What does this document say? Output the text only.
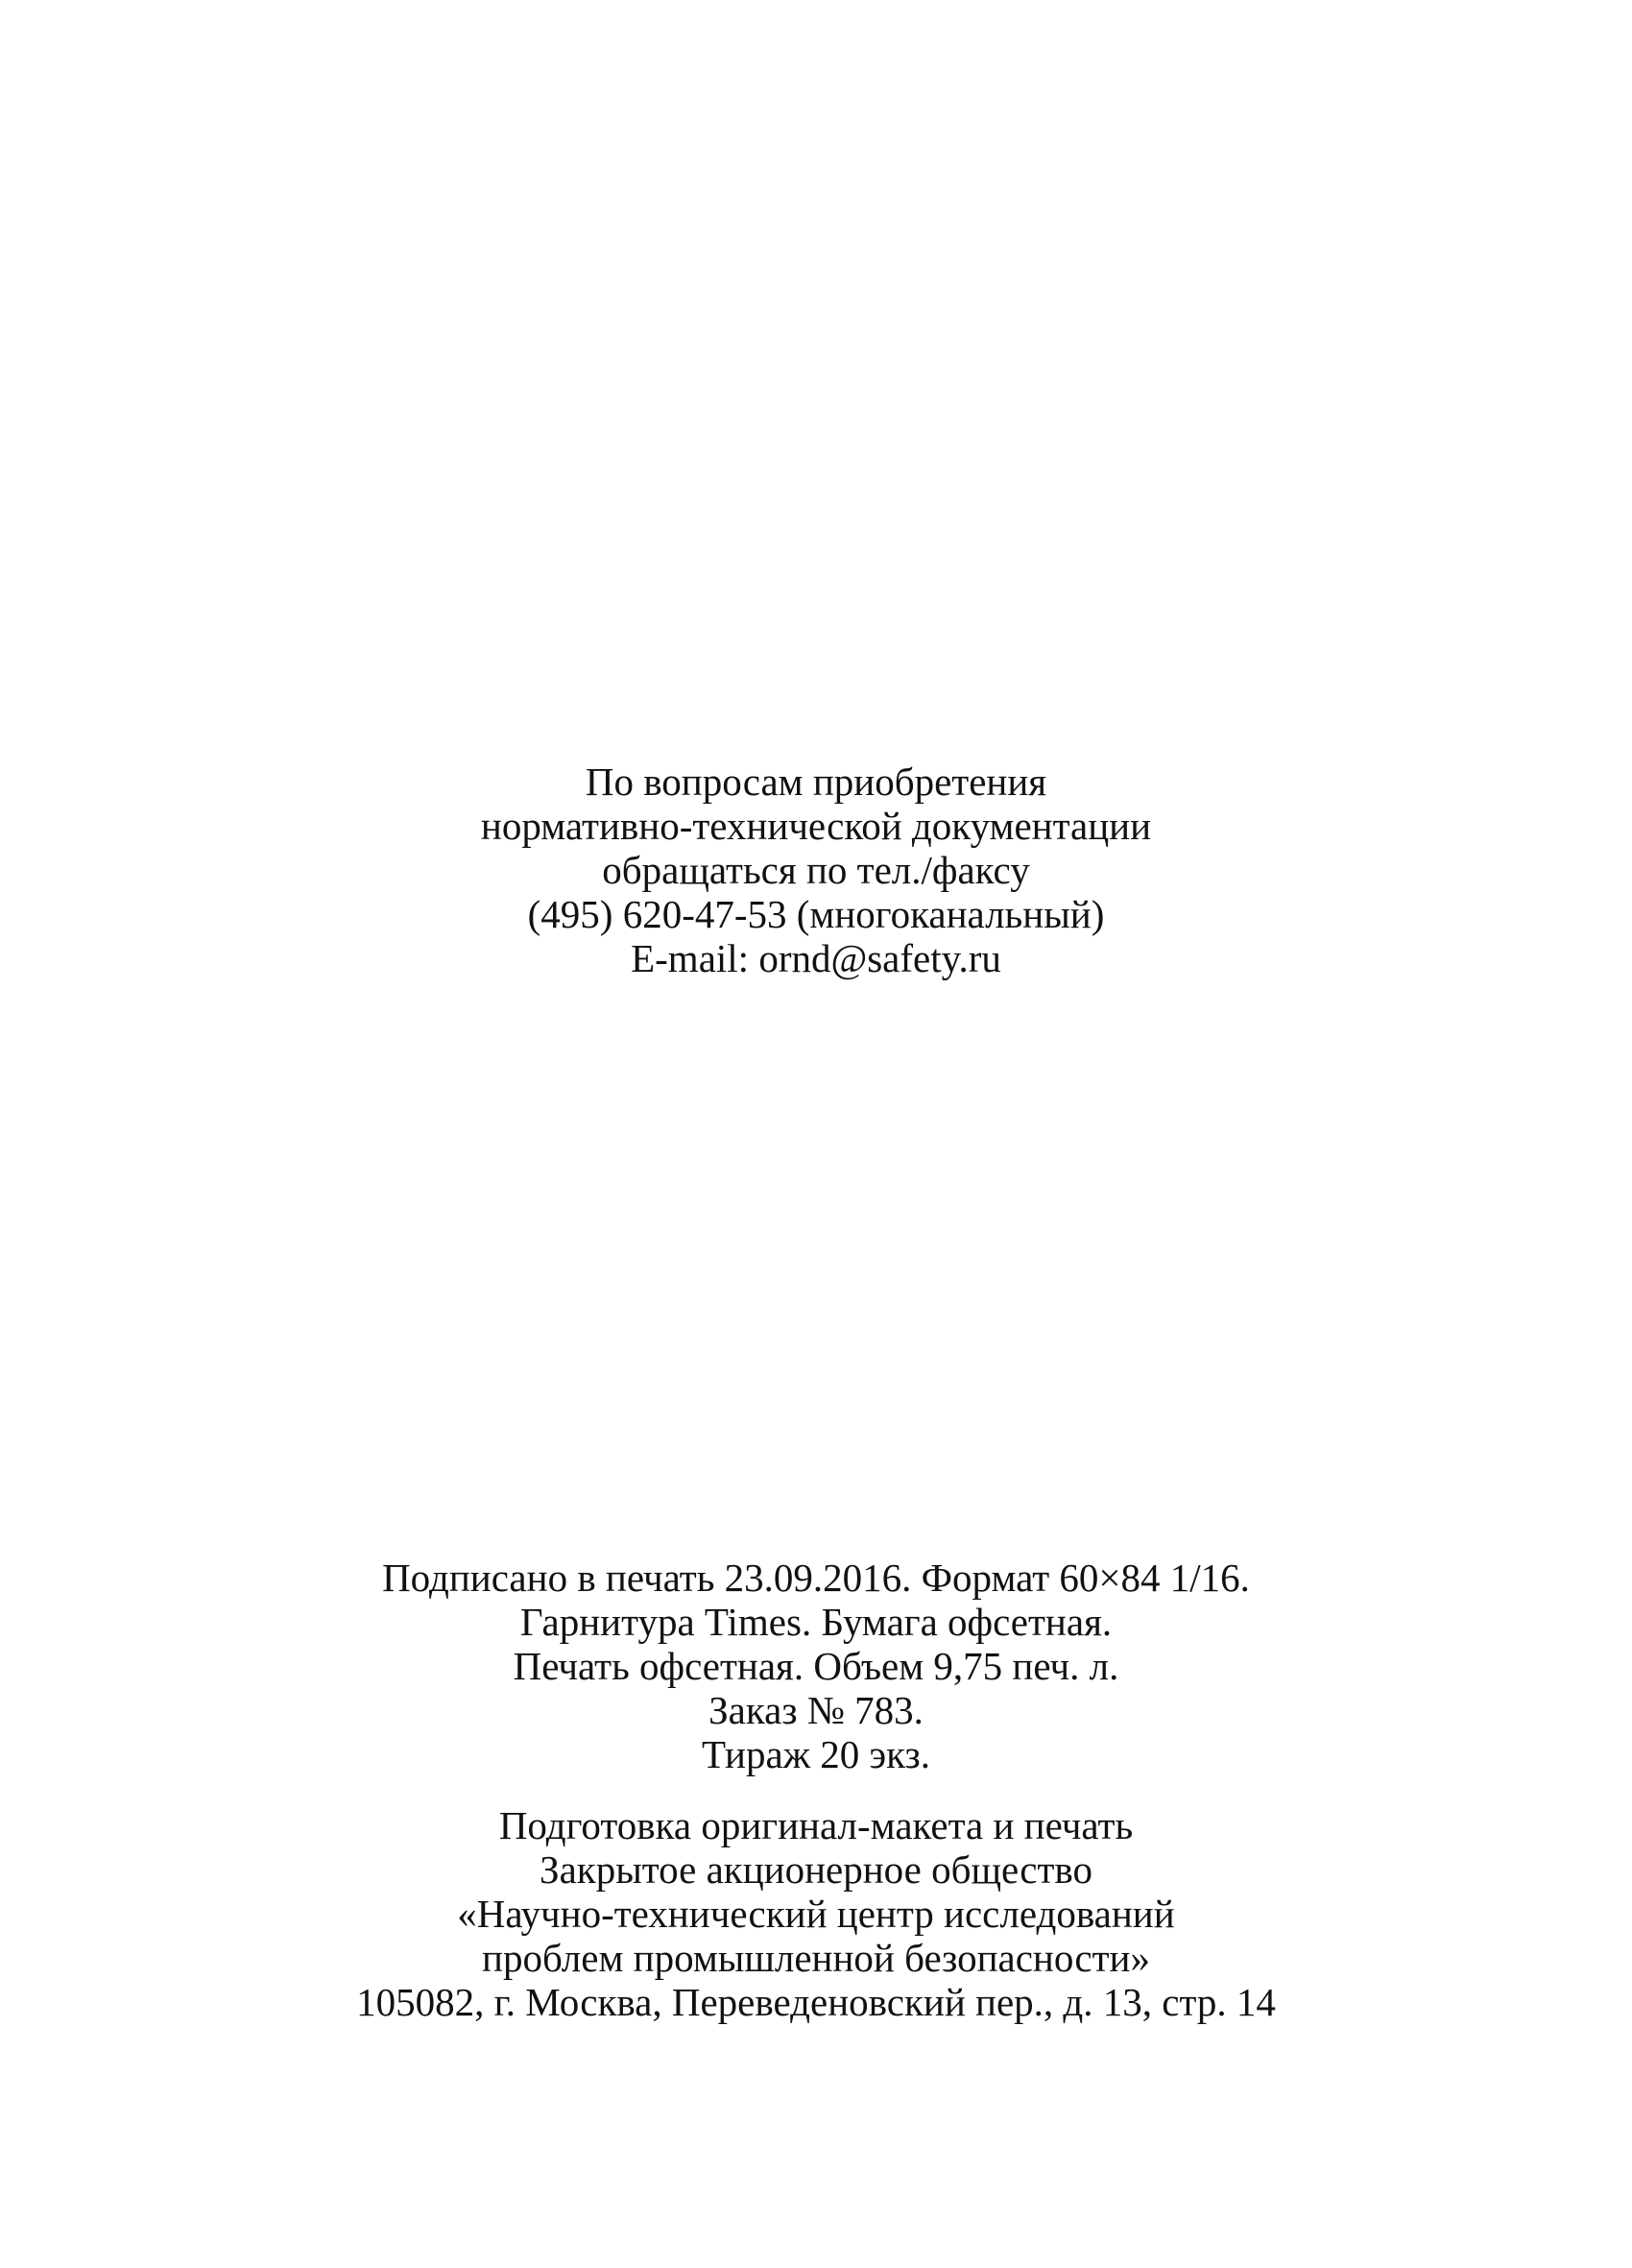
По вопросам приобретения
нормативно-технической документации
обращаться по тел./факсу
(495) 620-47-53 (многоканальный)
E-mail: ornd@safety.ru
Подписано в печать 23.09.2016. Формат 60×84 1/16.
Гарнитура Times. Бумага офсетная.
Печать офсетная. Объем 9,75 печ. л.
Заказ № 783.
Тираж 20 экз.
Подготовка оригинал-макета и печать
Закрытое акционерное общество
«Научно-технический центр исследований
проблем промышленной безопасности»
105082, г. Москва, Переведеновский пер., д. 13, стр. 14
